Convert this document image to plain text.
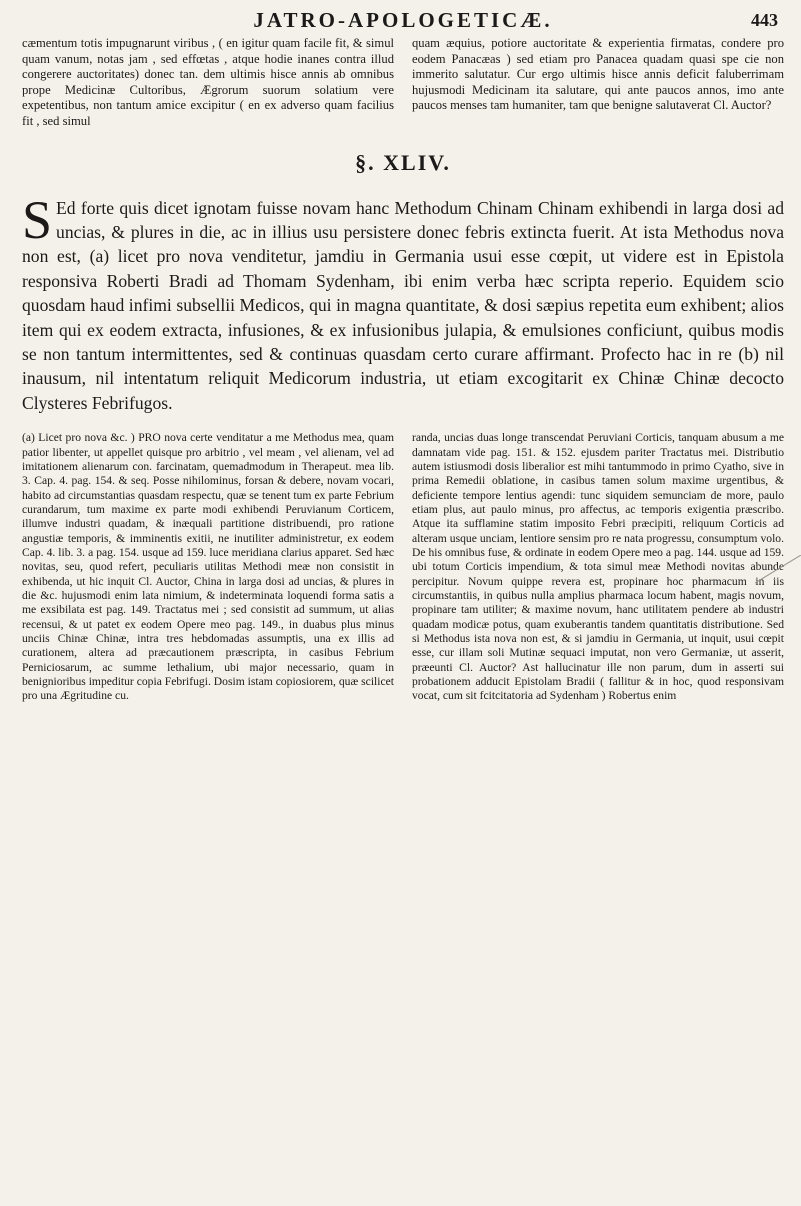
JATRO-APOLOGETICÆ.	443

cæmentum totis impugnarunt viribus , ( en igitur quam facile fit, & simul quam vanum, notas jam , sed effœtas , atque hodie inanes contra illud congerere auctoritates) donec tan. dem ultimis hisce annis ab omnibus prope Medicinæ Cultoribus, Ægrorum suorum solatium vere expetentibus, non tantum amice excipitur ( en ex adverso quam facilius fit , sed simul

quam æquius, potiore auctoritate & experientia firmatas, condere pro eodem Panacæas ) sed etiam pro Panacea quadam quasi spe cie non immerito salutatur. Cur ergo ultimis hisce annis deficit faluberrimam hujusmodi Medicinam ita salutare, qui ante paucos annos, imo ante paucos menses tam humaniter, tam que benigne salutaverat Cl. Auctor?

§. XLIV.

S Ed forte quis dicet ignotam fuisse novam hanc Methodum Chinam Chinam exhibendi in larga dosi ad uncias, & plures in die, ac in illius usu persistere donec febris extincta fuerit. At ista Methodus nova non est, (a) licet pro nova venditetur, jamdiu in Germania usui esse cœpit, ut videre est in Epistola responsiva Roberti Bradi ad Thomam Sydenham, ibi enim verba hæc scripta reperio. Equidem scio quosdam haud infimi subsellii Medicos, qui in magna quantitate, & dosi sæpius repetita eum exhibent; alios item qui ex eodem extracta, infusiones, & ex infusionibus julapia, & emulsiones conficiunt, quibus modis se non tantum intermittentes, sed & continuas quasdam certo curare affirmant. Profecto hac in re (b) nil inausum, nil intentatum reliquit Medicorum industria, ut etiam excogitarit ex Chinæ Chinæ decocto Clysteres Febrifugos.

(a) Licet pro nova &c. ) PRO nova certe venditatur a me Methodus mea, quam patior libenter, ut appellet quisque pro arbitrio , vel meam , vel alienam, vel ad imitationem alienarum con. farcinatam, quemadmodum in Therapeut. mea lib. 3. Cap. 4. pag. 154. & seq. Posse nihilominus, forsan & debere, novam vocari, habito ad circumstantias quasdam respectu, quæ se tenent tum ex parte Febrium curandarum, tum maxime ex parte modi exhibendi Peruvianum Corticem, illumve industri quadam, & inæquali partitione distribuendi, pro ratione angustiæ temporis, & imminentis exitii, ne inutiliter administretur, ex eodem Cap. 4. lib. 3. a pag. 154. usque ad 159. luce meridiana clarius apparet. Sed hæc novitas, seu, quod refert, peculiaris utilitas Methodi meæ non consistit in exhibenda, ut hic inquit Cl. Auctor, China in larga dosi ad uncias, & plures in die &c. hujusmodi enim lata nimium, & indeterminata loquendi forma satis a me exsibilata est pag. 149. Tractatus mei ; sed consistit ad summum, ut alias recensui, & ut patet ex eodem Opere meo pag. 149., in duabus plus minus unciis Chinæ Chinæ, intra tres hebdomadas assumptis, una ex illis ad curationem, altera ad præcautionem præscripta, in casibus Febrium Perniciosarum, ac summe lethalium, ubi major necessario, quam in benignioribus impeditur copia Febrifugi. Dosim istam copiosiorem, quæ scilicet pro una Ægritudine cu.

randa, uncias duas longe transcendat Peruviani Corticis, tanquam abusum a me damnatam vide pag. 151. & 152. ejusdem pariter Tractatus mei. Distributio autem istiusmodi dosis liberalior est mihi tantummodo in primo Cyatho, sive in prima Remedii oblatione, in casibus tamen solum maxime urgentibus, & deficiente tempore lentius agendi: tunc siquidem semunciam de more, paulo etiam plus, aut paulo minus, pro affectus, ac temporis exigentia præscribo. Atque ita sufflamine statim imposito Febri præcipiti, reliquum Corticis ad alteram usque unciam, lentiore sensim pro re nata progressu, consumptum volo. De his omnibus fuse, & ordinate in eodem Opere meo a pag. 144. usque ad 159. ubi totum Corticis impendium, & tota simul meæ Methodi novitas abunde percipitur. Novum quippe revera est, propinare hoc pharmacum in iis circumstantiis, in quibus nulla amplius pharmaca locum habent, magis novum, propinare tam utiliter; & maxime novum, hanc utilitatem pendere ab industri quadam modicæ potus, quam exuberantis tandem quantitatis distributione. Sed si Methodus ista nova non est, & si jamdiu in Germania, ut inquit, usui cœpit esse, cur illam soli Mutinæ sequaci imputat, non vero Germaniæ, ut asserit, præeunti Cl. Auctor? Ast hallucinatur ille non parum, dum in asserti sui probationem adducit Epistolam Bradii ( fallitur & in hoc, quod responsivam vocat, cum sit fcitcitatoria ad Sydenham ) Robertus enim
